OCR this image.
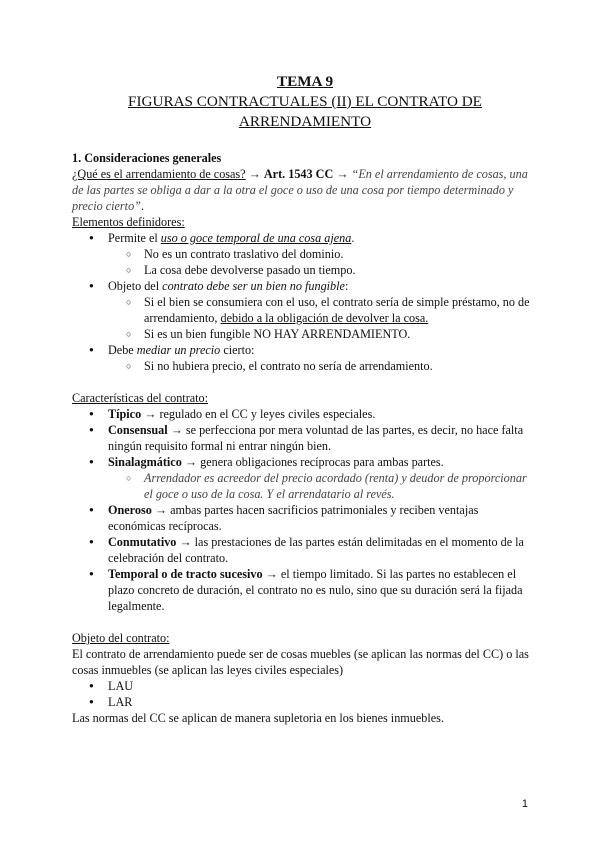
TEMA 9
FIGURAS CONTRACTUALES (II) EL CONTRATO DE
ARRENDAMIENTO
1. Consideraciones generales

¿Qué es el arrendamiento de cosas? → Art. 1543 CC → “En el arrendamiento de cosas, una de las partes se obliga a dar a la otra el goce o uso de una cosa por tiempo determinado y precio cierto”.

Elementos definidores:

● Permite el uso o goce temporal de una cosa ajena.
○ No es un contrato traslativo del dominio.
○ La cosa debe devolverse pasado un tiempo.
● Objeto del contrato debe ser un bien no fungible:
○ Si el bien se consumiera con el uso, el contrato sería de simple préstamo, no de arrendamiento, debido a la obligación de devolver la cosa.
○ Si es un bien fungible NO HAY ARRENDAMIENTO.
● Debe mediar un precio cierto:
○ Si no hubiera precio, el contrato no sería de arrendamiento.

Características del contrato:

● Típico → regulado en el CC y leyes civiles especiales.
● Consensual → se perfecciona por mera voluntad de las partes, es decir, no hace falta ningún requisito formal ni entrar ningún bien.
● Sinalagmático → genera obligaciones recíprocas para ambas partes.
○ Arrendador es acreedor del precio acordado (renta) y deudor de proporcionar el goce o uso de la cosa. Y el arrendatario al revés.
● Oneroso → ambas partes hacen sacrificios patrimoniales y reciben ventajas económicas recíprocas.
● Conmutativo → las prestaciones de las partes están delimitadas en el momento de la celebración del contrato.
● Temporal o de tracto sucesivo → el tiempo limitado. Si las partes no establecen el plazo concreto de duración, el contrato no es nulo, sino que su duración será la fijada legalmente.

Objeto del contrato:

El contrato de arrendamiento puede ser de cosas muebles (se aplican las normas del CC) o las cosas inmuebles (se aplican las leyes civiles especiales)

● LAU
● LAR

Las normas del CC se aplican de manera supletoria en los bienes inmuebles.

1
